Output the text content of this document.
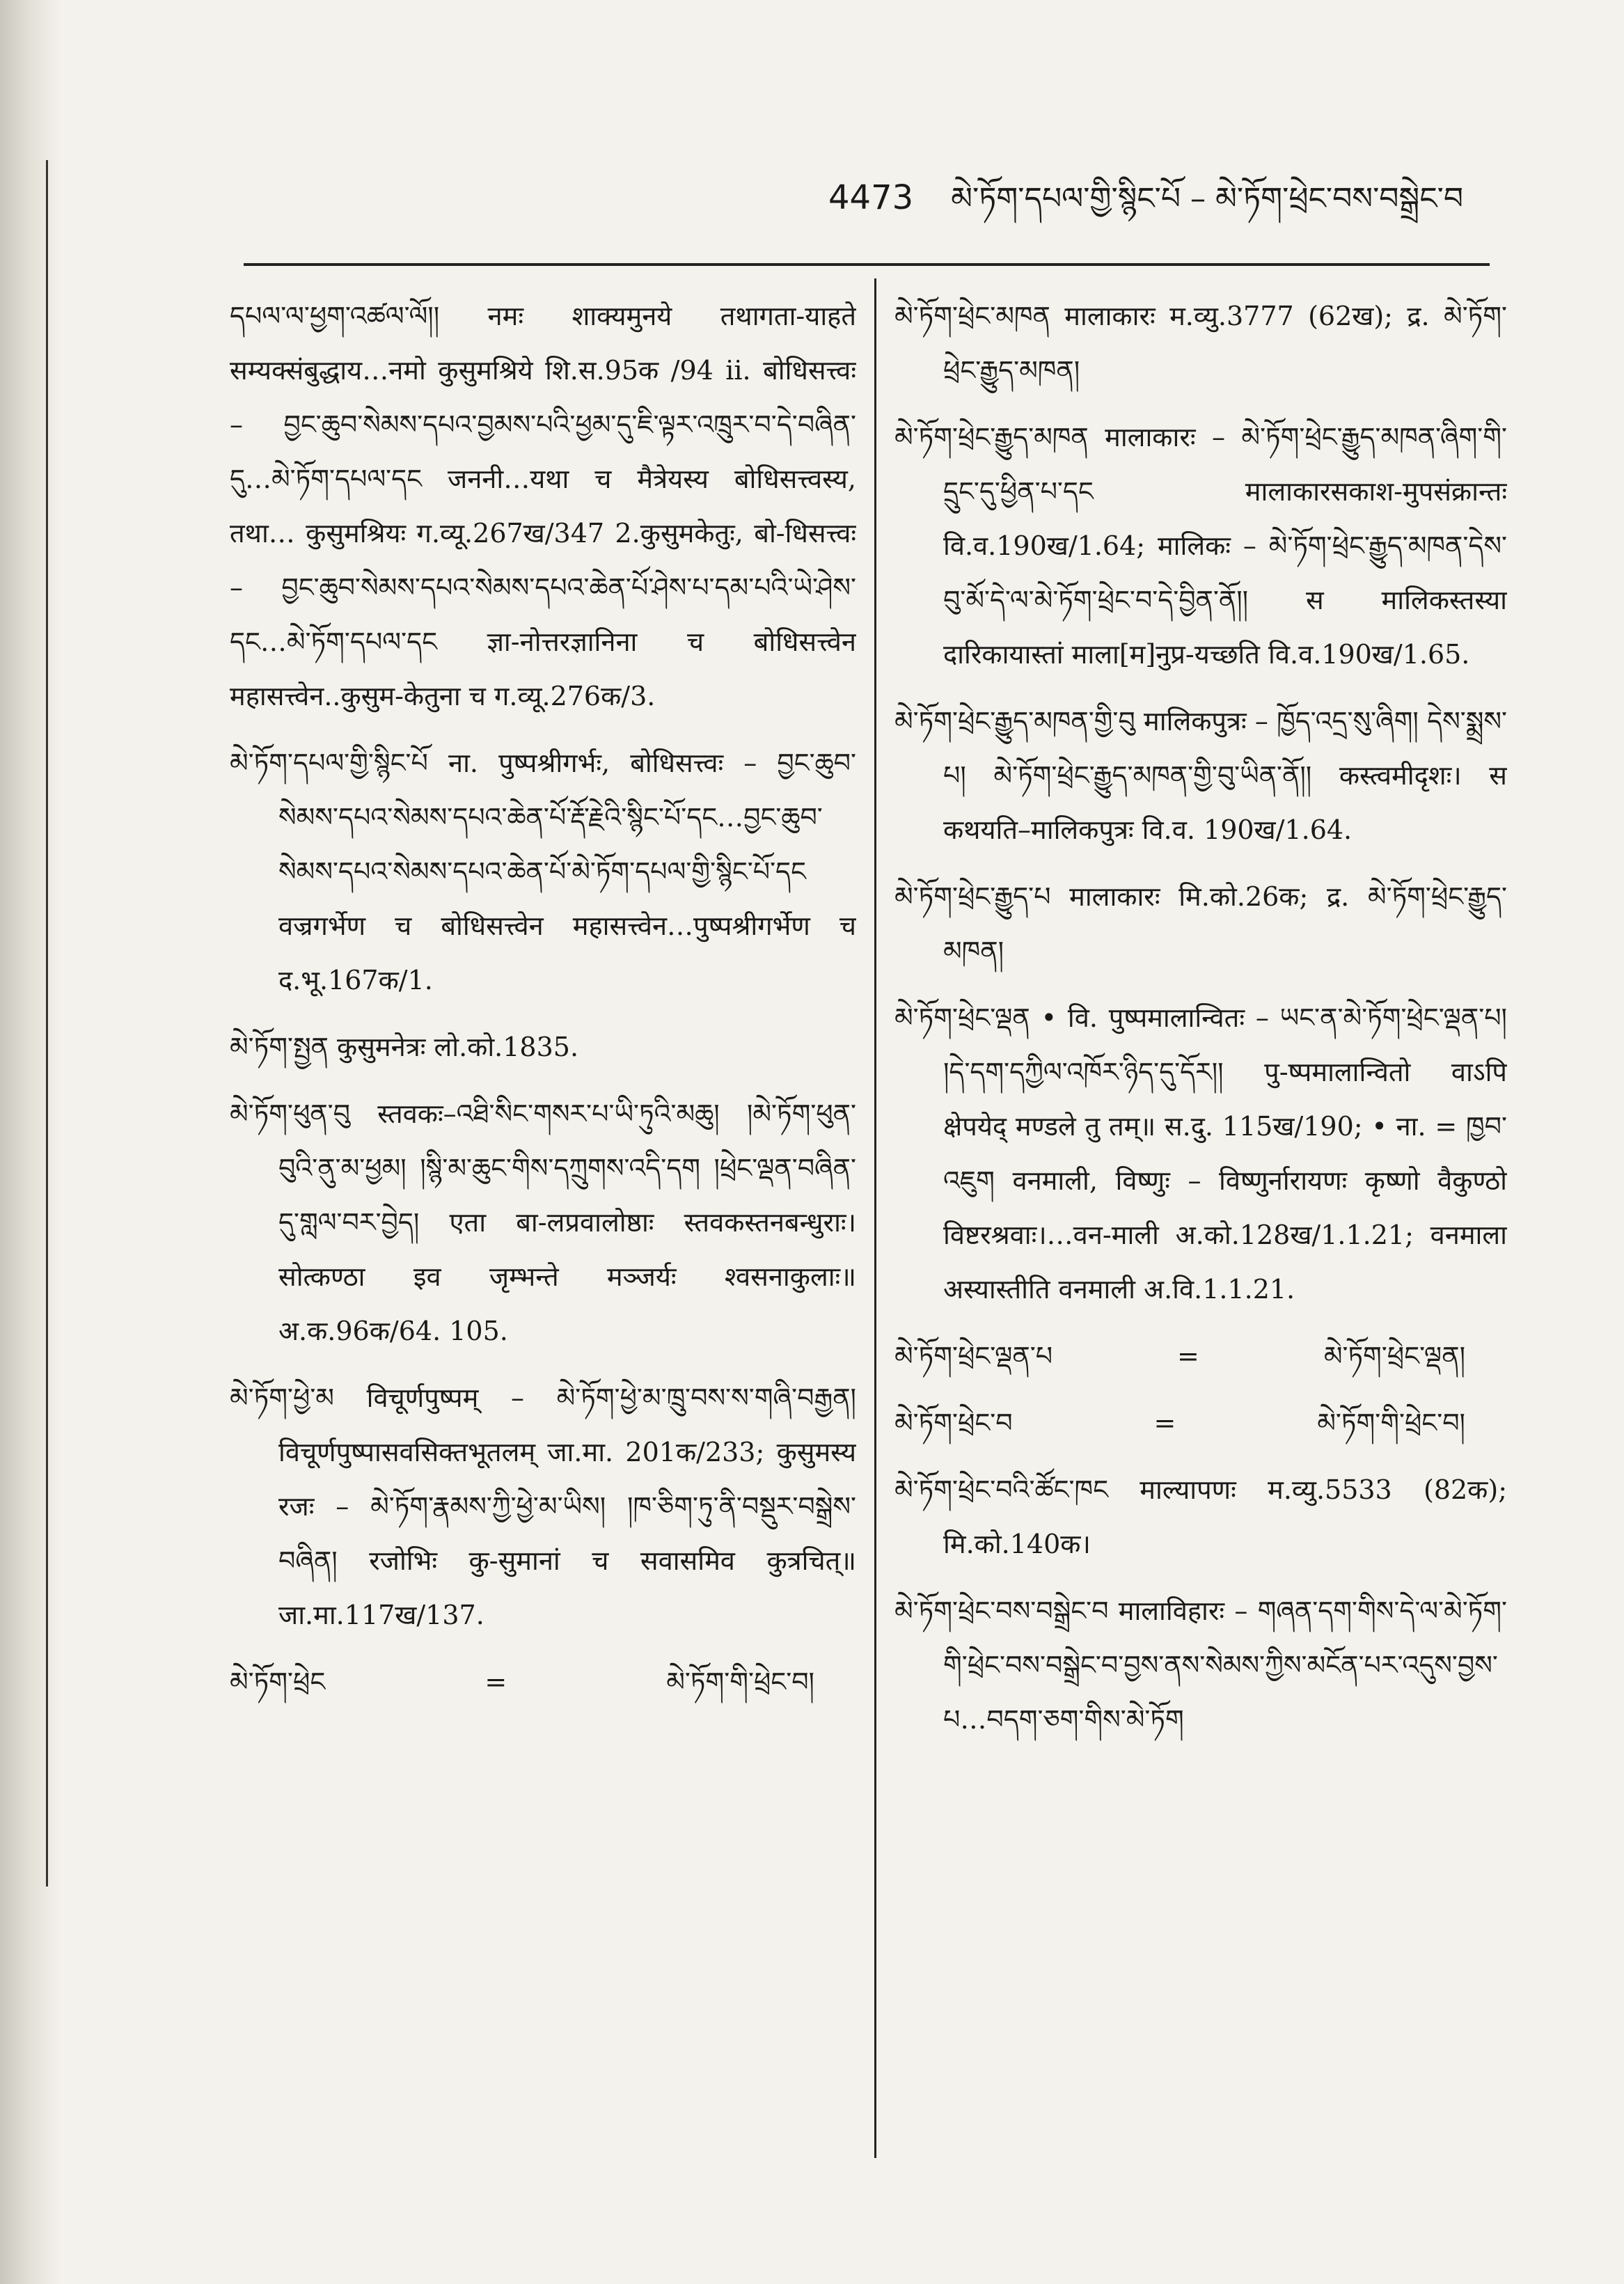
4473 མེ་ཏོག་དཔལ་གྱི་སྙིང་པོ – མེ་ཏོག་ཕྲེང་བས་བསྒྲེང་བ

དཔལ་ལ་ཕྱག་འཚལ་ལོ།། नमः शाक्यमुनये तथागता-याहते सम्यक्संबुद्धाय…नमो कुसुमश्रिये शि.स.95क /94 ii. बोधिसत्त्वः – བྱང་ཆུབ་སེམས་དཔའ་བྱམས་པའི་ཕྱམ་དུ་ཇི་ལྟར་འཁྲུར་བ་དེ་བཞིན་དུ…མེ་ཏོག་དཔལ་དང जननी…यथा च मैत्रेयस्य बोधिसत्त्वस्य, तथा… कुसुमश्रियः ग.व्यू.267ख/347 2.कुसुमकेतुः, बो-धिसत्त्वः – བྱང་ཆུབ་སེམས་དཔའ་སེམས་དཔའ་ཆེན་པོ་ཤེས་པ་དམ་པའི་ཡེ་ཤེས་དང…མེ་ཏོག་དཔལ་དང ज्ञा-नोत्तरज्ञानिना च बोधिसत्त्वेन महासत्त्वेन..कुसुम-केतुना च ग.व्यू.276क/3.

མེ་ཏོག་དཔལ་གྱི་སྙིང་པོ ना. पुष्पश्रीगर्भः, बोधिसत्त्वः – བྱང་ཆུབ་སེམས་དཔའ་སེམས་དཔའ་ཆེན་པོ་རྡོ་རྗེའི་སྙིང་པོ་དང…བྱང་ཆུབ་སེམས་དཔའ་སེམས་དཔའ་ཆེན་པོ་མེ་ཏོག་དཔལ་གྱི་སྙིང་པོ་དང वज्रगर्भेण च बोधिसत्त्वेन महासत्त्वेन…पुष्पश्रीगर्भेण च द.भू.167क/1.

མེ་ཏོག་སྤྱན कुसुमनेत्रः लो.को.1835.

མེ་ཏོག་ཕུན་བུ स्तवकः–འཐི་སིང་གསར་པ་ཡི་ཏུའི་མཆུ། །མེ་ཏོག་ཕུན་བུའི་ནུ་མ་ཕྱམ། །སྙི་མ་ཆུང་གིས་དཀྲུགས་འདི་དག །ཕྲེང་ལྡན་བཞིན་དུ་གླལ་བར་བྱེད། एता बा-लप्रवालोष्ठाः स्तवकस्तनबन्धुराः। सोत्कण्ठा इव जृम्भन्ते मञ्जर्यः श्वसनाकुलाः॥ अ.क.96क/64. 105.

མེ་ཏོག་ཕྱེ་མ विचूर्णपुष्पम् – མེ་ཏོག་ཕྱེ་མ་ཁྲུ་བས་ས་གཞི་བརྒྱན། विचूर्णपुष्पासवसिक्तभूतलम् जा.मा. 201क/233; कुसुमस्य रजः – མེ་ཏོག་རྣམས་ཀྱི་ཕྱེ་མ་ཡིས། །ཁ་ཅིག་ཏུ་ནི་བསྡུར་བསྒྲེས་བཞིན། रजोभिः कु-सुमानां च सवासमिव कुत्रचित्॥ जा.मा.117ख/137.

མེ་ཏོག་ཕྲེང	=	མེ་ཏོག་གི་ཕྲེང་བ།

མེ་ཏོག་ཕྲེང་མཁན मालाकारः म.व्यु.3777 (62ख); द्र. མེ་ཏོག་ཕྲེང་རྒྱུད་མཁན།

མེ་ཏོག་ཕྲེང་རྒྱུད་མཁན मालाकारः – མེ་ཏོག་ཕྲེང་རྒྱུད་མཁན་ཞིག་གི་དྲུང་དུ་ཕྱིན་པ་དང मालाकारसकाश-मुपसंक्रान्तः वि.व.190ख/1.64; मालिकः – མེ་ཏོག་ཕྲེང་རྒྱུད་མཁན་དེས་བུ་མོ་དེ་ལ་མེ་ཏོག་ཕྲེང་བ་དེ་བྱིན་ནོ།། स मालिकस्तस्या दारिकायास्तां माला[म]नुप्र-यच्छति वि.व.190ख/1.65.

མེ་ཏོག་ཕྲེང་རྒྱུད་མཁན་གྱི་བུ मालिकपुत्रः – ཁྱོད་འདྲ་སུ་ཞིག། དེས་སྨྲས་པ། མེ་ཏོག་ཕྲེང་རྒྱུད་མཁན་གྱི་བུ་ཡིན་ནོ།། कस्त्वमीदृशः। स कथयति–मालिकपुत्रः वि.व. 190ख/1.64.

མེ་ཏོག་ཕྲེང་རྒྱུད་པ मालाकारः मि.को.26क; द्र. མེ་ཏོག་ཕྲེང་རྒྱུད་མཁན།

མེ་ཏོག་ཕྲེང་ལྡན • वि. पुष्पमालान्वितः – ཡང་ན་མེ་ཏོག་ཕྲེང་ལྡན་པ། །དེ་དག་དཀྱིལ་འཁོར་ཉིད་དུ་དོར།། पु-ष्पमालान्वितो वाऽपि क्षेपयेद् मण्डले तु तम्॥ स.दु. 115ख/190; • ना. = ཁྱབ་འཇུག वनमाली, विष्णुः – विष्णुर्नारायणः कृष्णो वैकुण्ठो विष्टरश्रवाः।…वन-माली अ.को.128ख/1.1.21; वनमाला अस्यास्तीति वनमाली अ.वि.1.1.21.

མེ་ཏོག་ཕྲེང་ལྡན་པ	=	མེ་ཏོག་ཕྲེང་ལྡན།
མེ་ཏོག་ཕྲེང་བ	=	མེ་ཏོག་གི་ཕྲེང་བ།

མེ་ཏོག་ཕྲེང་བའི་ཚོང་ཁང माल्यापणः म.व्यु.5533 (82क); मि.को.140क।

མེ་ཏོག་ཕྲེང་བས་བསྒྲེང་བ मालाविहारः – གཞན་དག་གིས་དེ་ལ་མེ་ཏོག་གི་ཕྲེང་བས་བསྒྲེང་བ་བྱས་ནས་སེམས་ཀྱིས་མངོན་པར་འདུས་བྱས་པ…བདག་ཅག་གིས་མེ་ཏོག
